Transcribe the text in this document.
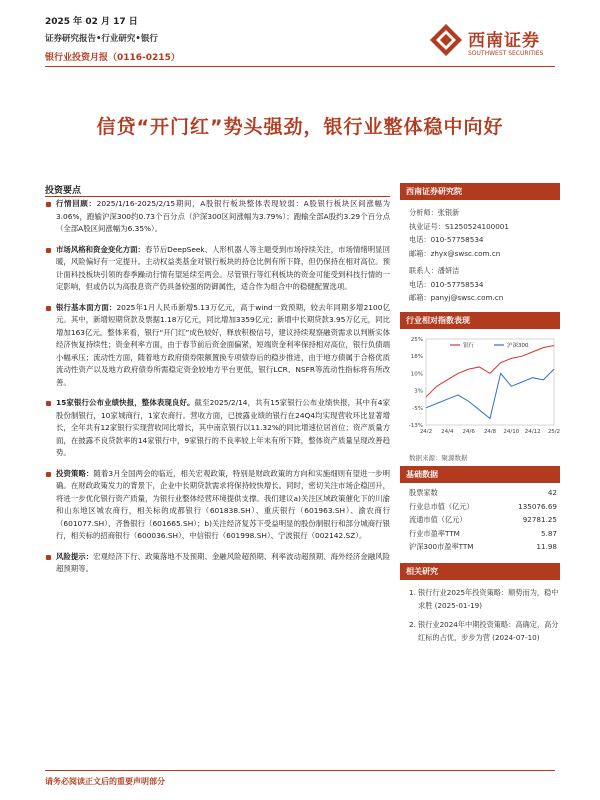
2025 年 02 月 17 日
证券研究报告•行业研究•银行
银行业投资月报（0116-0215）
西南证券
SOUTHWEST SECURITIES
信贷“开门红”势头强劲，银行业整体稳中向好
投资要点
行情回顾：2025/1/16-2025/2/15期间，A股银行板块整体表现较弱：A股银行板块区间涨幅为3.06%，跑输沪深300约0.73个百分点（沪深300区间涨幅为3.79%）；跑输全部A股约3.29个百分点（全部A股区间涨幅为6.35%）。
市场风格和资金变化方面：春节后DeepSeek、人形机器人等主题受到市场持续关注，市场情绪明显回暖，风险偏好有一定提升。主动权益类基金对银行板块的持仓比例有所下降，但仍保持在相对高位。预计面科技板块引领的春季躁动行情有望延续至两会。尽管银行等红利板块的资金可能受到科技行情的一定影响，但或仍以为高股息资产仍具备较强的防御属性，适合作为组合中的稳健配置选项。
银行基本面方面：2025年1月人民币新增5.13万亿元，高于wind一致预期，较去年同期多增2100亿元。其中，新增短期贷款及票据1.18万亿元，同比增加3359亿元；新增中长期贷款3.95万亿元，同比增加163亿元。整体来看，银行“开门红”成色较好，释放积极信号，建议持续观察融资需求以判断实体经济恢复持续性；资金利率方面，由于春节前后资金面偏紧，短端资金利率保持相对高位，银行负债端小幅承压；流动性方面，随着地方政府债券限额置换专项债券后的稳步推进，由于地方债属于合格优质流动性资产以及地方政府债券所需稳定资金较地方平台更低，银行LCR、NSFR等流动性指标将有所改善。
15家银行公布业绩快报，整体表现良好。截至2025/2/14，共有15家银行公布业绩快报，其中有4家股份制银行，10家城商行，1家农商行。营收方面，已披露业绩的银行在24Q4均实现营收环比显著增长，全年共有12家银行实现营收同比增长，其中南京银行以11.32%的同比增速位居首位；资产质量方面，在披露不良贷款率的14家银行中，9家银行的不良率较上年末有所下降，整体资产质量呈现改善趋势。
投资策略：随着3月全国两会的临近，相关宏观政策，特别是财政政策的方向和实施细则有望进一步明确。在财政政策发力的背景下，企业中长期贷款需求将保持较快增长。同时，密切关注市场企稳回升，将进一步优化银行资产质量，为银行业整体经营环境提供支撑。我们建议a)关注区域政策催化下的川渝和山东地区城农商行，相关标的成都银行（601838.SH）、重庆银行（601963.SH）、渝农商行（601077.SH）、齐鲁银行（601665.SH）；b)关注经济复苏下受益明显的股份制银行和部分城商行银行，相关标的招商银行（600036.SH）、中信银行（601998.SH）、宁波银行（002142.SZ）。
风险提示：宏观经济下行、政策落地不及预期、金融风险超预期、利率波动超预期、海外经济金融风险超预期等。
西南证券研究院
分析师：张银新
执业证号：S1250524100001
电话：010-57758534
邮箱：zhyx@swsc.com.cn
联系人：潘妍洁
电话：010-57758534
邮箱：panyj@swsc.com.cn
行业相对指数表现
25%
18%
10%
3%
-5%
-13%
24/2 24/4 24/6 24/8 24/10 24/12 25/2
银行	沪深300
数据来源：聚源数据
基础数据
股票家数	42
行业总市值（亿元）	135076.69
流通市值（亿元）	92781.25
行业市盈率TTM	5.87
沪深300市盈率TTM	11.98
相关研究
1. 银行行业2025年投资策略：顺势而为，稳中求胜 (2025-01-19)
2. 银行业2024年中期投资策略：高确定、高分红标的占优，步步为营 (2024-07-10)
请务必阅读正文后的重要声明部分
